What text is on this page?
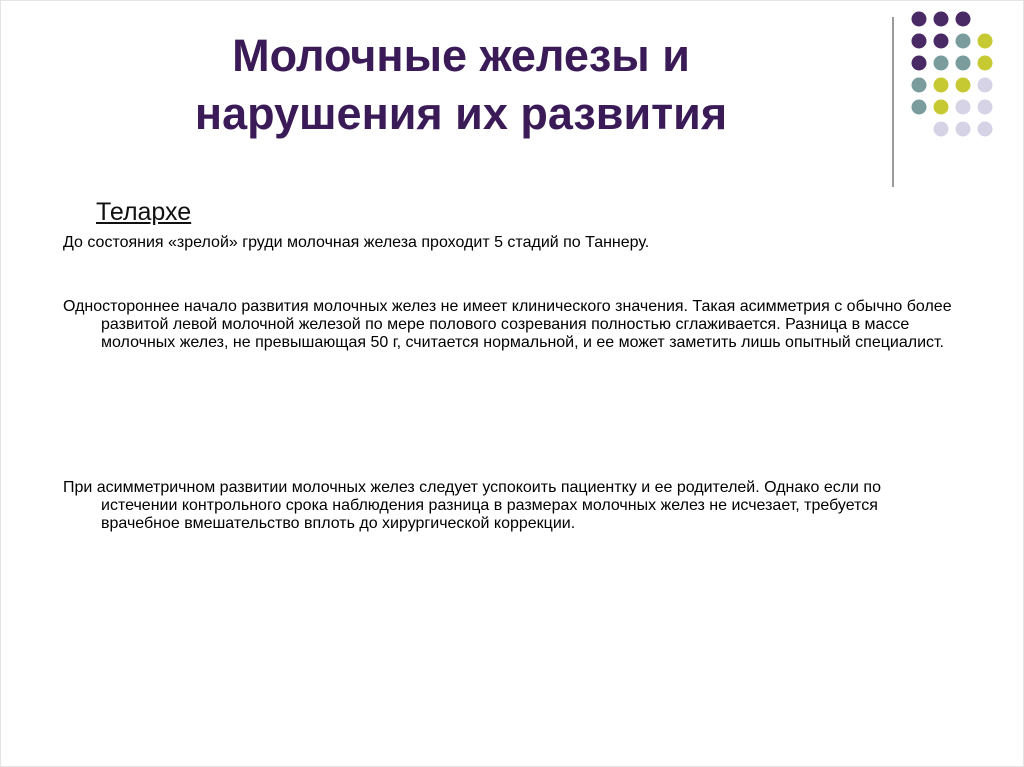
Молочные железы и
нарушения их развития
Телархе
До состояния «зрелой» груди молочная железа проходит 5 стадий по Таннеру.
Одностороннее начало развития молочных желез не имеет клинического значения. Такая асимметрия с обычно более развитой левой молочной железой по мере полового созревания полностью сглаживается. Разница в массе молочных желез, не превышающая 50 г, считается нормальной, и ее может заметить лишь опытный специалист.
При асимметричном развитии молочных желез следует успокоить пациентку и ее родителей. Однако если по истечении контрольного срока наблюдения разница в размерах молочных желез не исчезает, требуется врачебное вмешательство вплоть до хирургической коррекции.
